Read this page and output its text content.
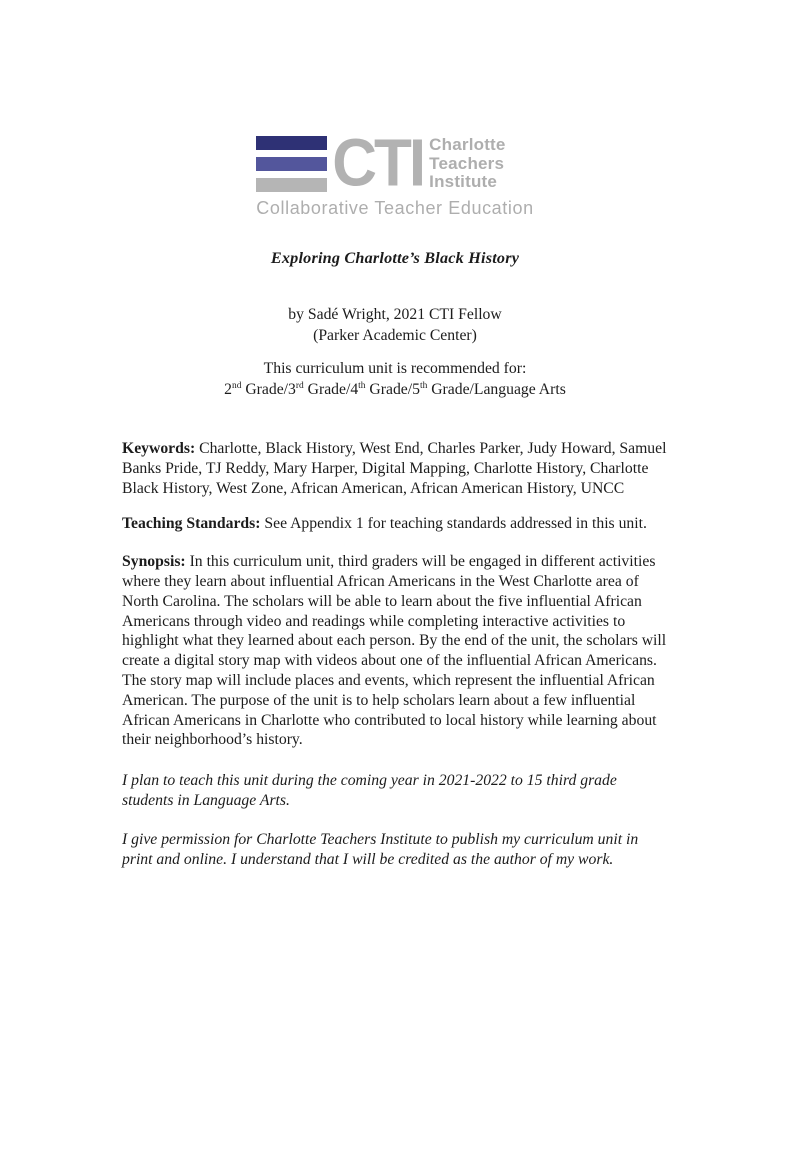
CTI Charlotte
Teachers
Institute
Collaborative Teacher Education
Exploring Charlotte’s Black History
by Sadé Wright, 2021 CTI Fellow
(Parker Academic Center)
This curriculum unit is recommended for:
2nd Grade/3rd Grade/4th Grade/5th Grade/Language Arts

Keywords: Charlotte, Black History, West End, Charles Parker, Judy Howard, Samuel Banks Pride, TJ Reddy, Mary Harper, Digital Mapping, Charlotte History, Charlotte Black History, West Zone, African American, African American History, UNCC

Teaching Standards: See Appendix 1 for teaching standards addressed in this unit.

Synopsis: In this curriculum unit, third graders will be engaged in different activities where they learn about influential African Americans in the West Charlotte area of North Carolina. The scholars will be able to learn about the five influential African Americans through video and readings while completing interactive activities to highlight what they learned about each person. By the end of the unit, the scholars will create a digital story map with videos about one of the influential African Americans. The story map will include places and events, which represent the influential African American. The purpose of the unit is to help scholars learn about a few influential African Americans in Charlotte who contributed to local history while learning about their neighborhood’s history.

I plan to teach this unit during the coming year in 2021-2022 to 15 third grade students in Language Arts.

I give permission for Charlotte Teachers Institute to publish my curriculum unit in print and online. I understand that I will be credited as the author of my work.
